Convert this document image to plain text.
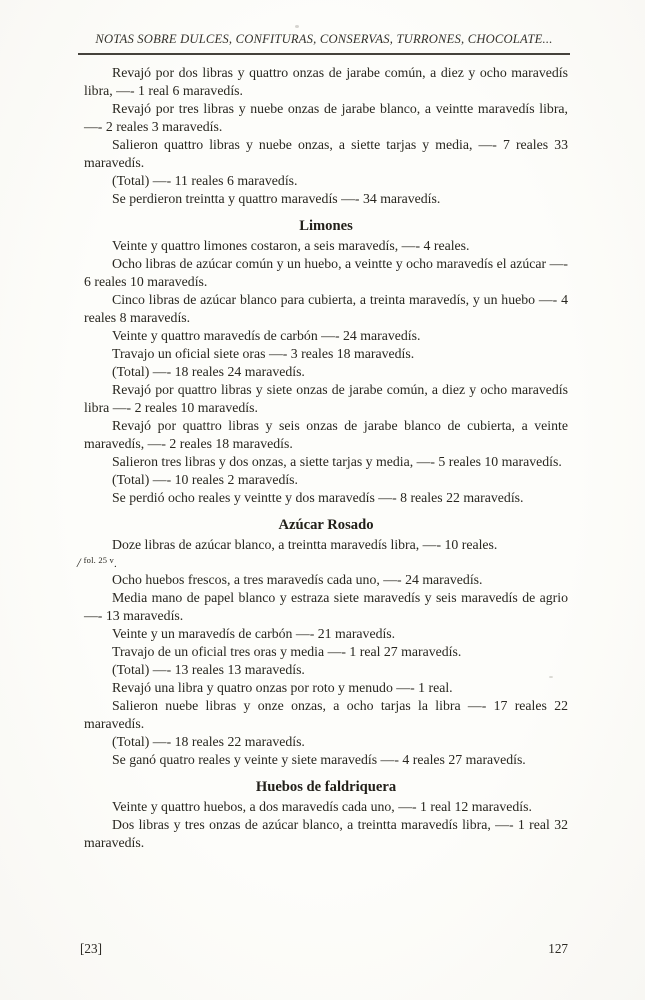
NOTAS SOBRE DULCES, CONFITURAS, CONSERVAS, TURRONES, CHOCOLATE...

Revajó por dos libras y quattro onzas de jarabe común, a diez y ocho maravedís libra, —- 1 real 6 maravedís.

Revajó por tres libras y nuebe onzas de jarabe blanco, a veintte maravedís libra, —- 2 reales 3 maravedís.

Salieron quattro libras y nuebe onzas, a siette tarjas y media, —- 7 reales 33 maravedís.

(Total) —- 11 reales 6 maravedís.

Se perdieron treintta y quattro maravedís —- 34 maravedís.

Limones

Veinte y quattro limones costaron, a seis maravedís, —- 4 reales.

Ocho libras de azúcar común y un huebo, a veintte y ocho maravedís el azúcar —- 6 reales 10 maravedís.

Cinco libras de azúcar blanco para cubierta, a treinta maravedís, y un huebo —- 4 reales 8 maravedís.

Veinte y quattro maravedís de carbón —- 24 maravedís.

Travajo un oficial siete oras —- 3 reales 18 maravedís.

(Total) —- 18 reales 24 maravedís.

Revajó por quattro libras y siete onzas de jarabe común, a diez y ocho maravedís libra —- 2 reales 10 maravedís.

Revajó por quattro libras y seis onzas de jarabe blanco de cubierta, a veinte maravedís, —- 2 reales 18 maravedís.

Salieron tres libras y dos onzas, a siette tarjas y media, —- 5 reales 10 maravedís.

(Total) —- 10 reales 2 maravedís.

Se perdió ocho reales y veintte y dos maravedís —- 8 reales 22 maravedís.

Azúcar Rosado

Doze libras de azúcar blanco, a treintta maravedís libra, —- 10 reales.

/ $^{fol. 25 v}$.

Ocho huebos frescos, a tres maravedís cada uno, —- 24 maravedís.

Media mano de papel blanco y estraza siete maravedís y seis maravedís de agrio —- 13 maravedís.

Veinte y un maravedís de carbón —- 21 maravedís.

Travajo de un oficial tres oras y media —- 1 real 27 maravedís.

(Total) —- 13 reales 13 maravedís.

Revajó una libra y quatro onzas por roto y menudo —- 1 real.

Salieron nuebe libras y onze onzas, a ocho tarjas la libra —- 17 reales 22 maravedís.

(Total) —- 18 reales 22 maravedís.

Se ganó quatro reales y veinte y siete maravedís —- 4 reales 27 maravedís.

Huebos de faldriquera

Veinte y quattro huebos, a dos maravedís cada uno, —- 1 real 12 maravedís.

Dos libras y tres onzas de azúcar blanco, a treintta maravedís libra, —- 1 real 32 maravedís.

[23]	127
